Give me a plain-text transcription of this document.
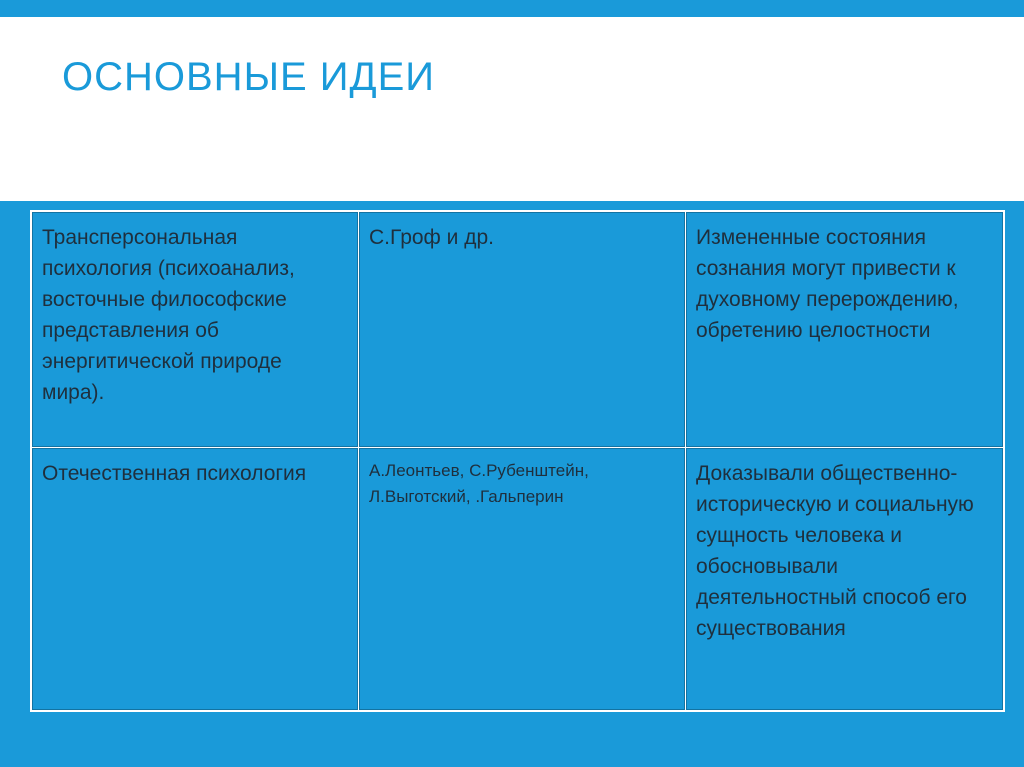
ОСНОВНЫЕ ИДЕИ
Трансперсональная психология (психоанализ, восточные философские представления об энергитической природе мира).	С.Гроф и др.	Измененные состояния сознания могут привести к духовному перерождению, обретению целостности
Отечественная психология	А.Леонтьев, С.Рубенштейн, Л.Выготский, .Гальперин	Доказывали общественно-историческую и социальную сущность человека и обосновывали деятельностный способ его существования
